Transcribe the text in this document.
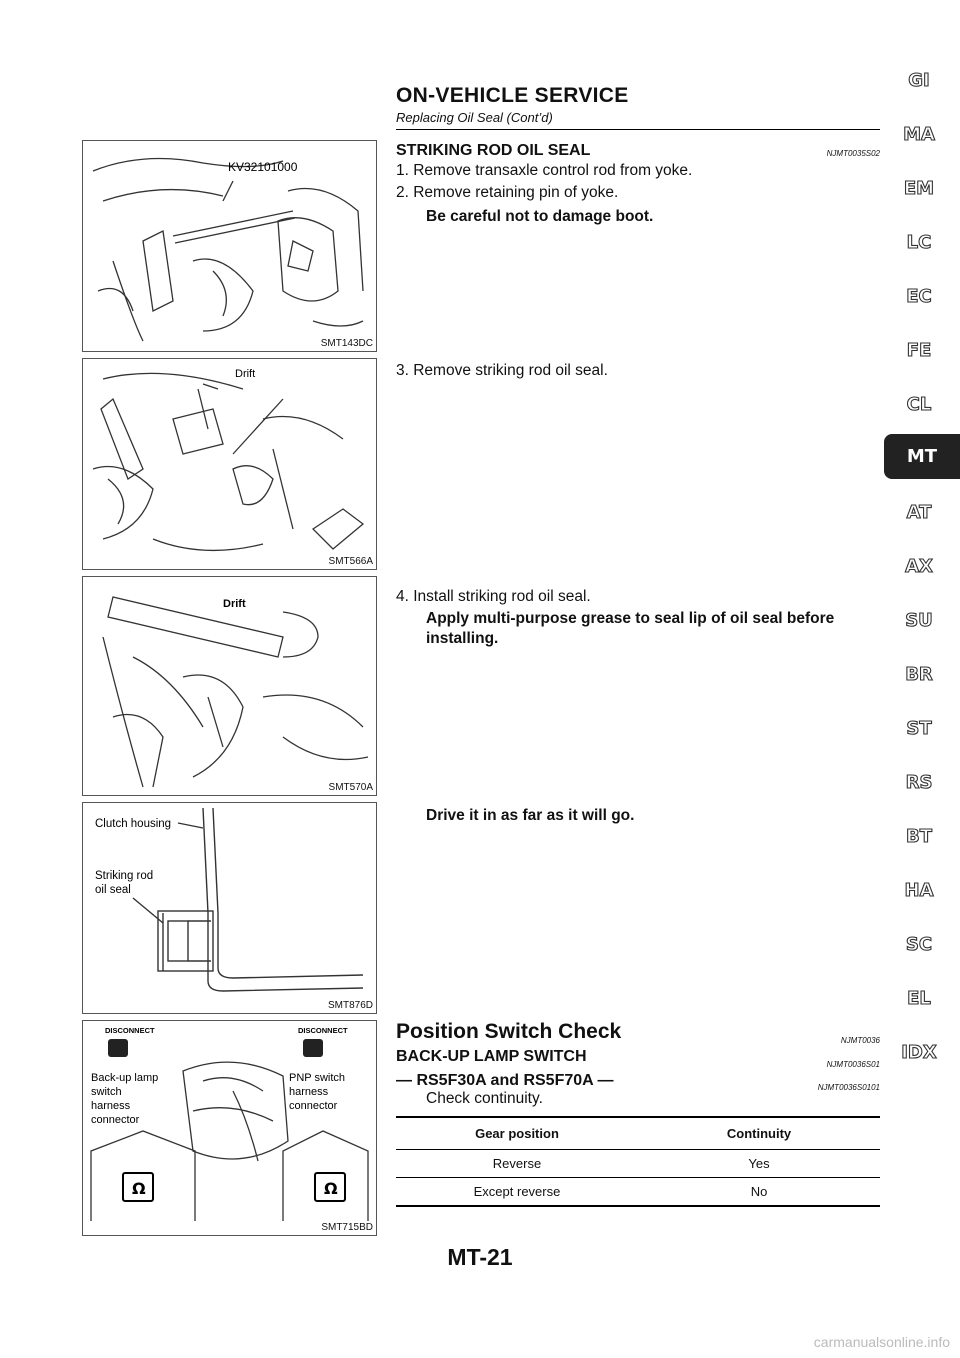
ON-VEHICLE SERVICE
Replacing Oil Seal (Cont’d)
KV32101000
SMT143DC
Drift
SMT566A
Drift
SMT570A
Clutch housing
Striking rod
oil seal
SMT876D
DISCONNECT	DISCONNECT
Back-up lamp
switch
harness
connector
PNP switch
harness
connector
Ω	Ω
SMT715BD
STRIKING ROD OIL SEAL	NJMT0035S02
1. Remove transaxle control rod from yoke.
2. Remove retaining pin of yoke.
Be careful not to damage boot.
3. Remove striking rod oil seal.
4. Install striking rod oil seal.
Apply multi-purpose grease to seal lip of oil seal before
installing.
Drive it in as far as it will go.
Position Switch Check	NJMT0036
BACK-UP LAMP SWITCH	NJMT0036S01
— RS5F30A and RS5F70A —	NJMT0036S0101
Check continuity.
Gear position	Continuity
Reverse	Yes
Except reverse	No
GI
MA
EM
LC
EC
FE
CL
MT
AT
AX
SU
BR
ST
RS
BT
HA
SC
EL
IDX
MT-21
carmanualsonline.info
